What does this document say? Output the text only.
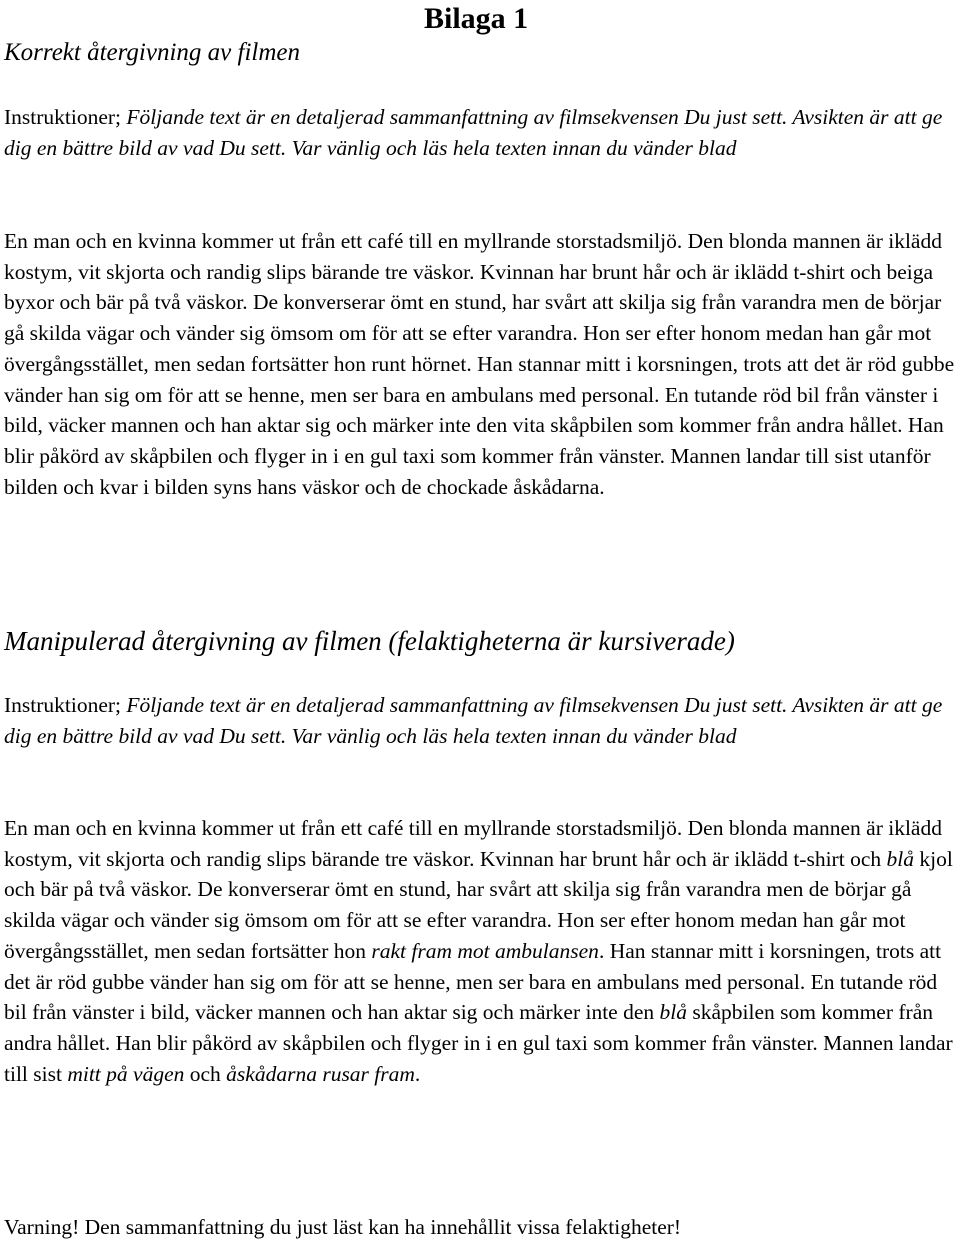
Bilaga 1
Korrekt återgivning av filmen

Instruktioner; Följande text är en detaljerad sammanfattning av filmsekvensen Du just sett. Avsikten är att ge dig en bättre bild av vad Du sett. Var vänlig och läs hela texten innan du vänder blad

En man och en kvinna kommer ut från ett café till en myllrande storstadsmiljö. Den blonda mannen är iklädd kostym, vit skjorta och randig slips bärande tre väskor. Kvinnan har brunt hår och är iklädd t-shirt och beiga byxor och bär på två väskor. De konverserar ömt en stund, har svårt att skilja sig från varandra men de börjar gå skilda vägar och vänder sig ömsom om för att se efter varandra. Hon ser efter honom medan han går mot övergångsstället, men sedan fortsätter hon runt hörnet. Han stannar mitt i korsningen, trots att det är röd gubbe vänder han sig om för att se henne, men ser bara en ambulans med personal. En tutande röd bil från vänster i bild, väcker mannen och han aktar sig och märker inte den vita skåpbilen som kommer från andra hållet. Han blir påkörd av skåpbilen och flyger in i en gul taxi som kommer från vänster. Mannen landar till sist utanför bilden och kvar i bilden syns hans väskor och de chockade åskådarna.

Manipulerad återgivning av filmen (felaktigheterna är kursiverade)

Instruktioner; Följande text är en detaljerad sammanfattning av filmsekvensen Du just sett. Avsikten är att ge dig en bättre bild av vad Du sett. Var vänlig och läs hela texten innan du vänder blad

En man och en kvinna kommer ut från ett café till en myllrande storstadsmiljö. Den blonda mannen är iklädd kostym, vit skjorta och randig slips bärande tre väskor. Kvinnan har brunt hår och är iklädd t-shirt och blå kjol och bär på två väskor. De konverserar ömt en stund, har svårt att skilja sig från varandra men de börjar gå skilda vägar och vänder sig ömsom om för att se efter varandra. Hon ser efter honom medan han går mot övergångsstället, men sedan fortsätter hon rakt fram mot ambulansen. Han stannar mitt i korsningen, trots att det är röd gubbe vänder han sig om för att se henne, men ser bara en ambulans med personal. En tutande röd bil från vänster i bild, väcker mannen och han aktar sig och märker inte den blå skåpbilen som kommer från andra hållet. Han blir påkörd av skåpbilen och flyger in i en gul taxi som kommer från vänster. Mannen landar till sist mitt på vägen och åskådarna rusar fram.

Varning! Den sammanfattning du just läst kan ha innehållit vissa felaktigheter!
